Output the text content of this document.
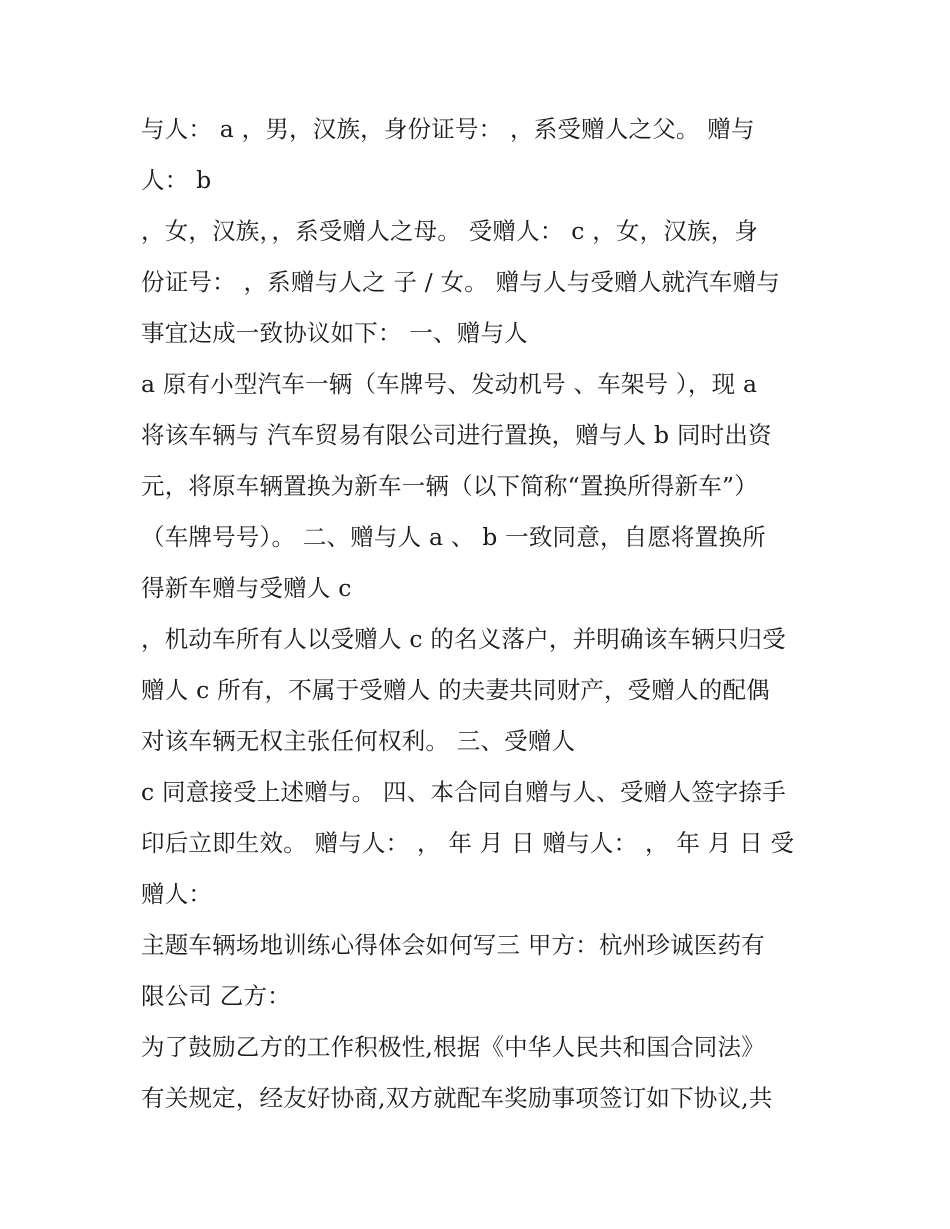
与人： a ，男，汉族，身份证号： ，系受赠人之父。 赠与
人： b
，女，汉族，，系受赠人之母。 受赠人： c ，女，汉族，身
份证号： ，系赠与人之 子 / 女。 赠与人与受赠人就汽车赠与
事宜达成一致协议如下： 一、赠与人
a 原有小型汽车一辆（车牌号、发动机号 、车架号 ），现 a
将该车辆与 汽车贸易有限公司进行置换，赠与人 b 同时出资
元，将原车辆置换为新车一辆（以下简称“置换所得新车”）
（车牌号号）。 二、赠与人 a 、 b 一致同意，自愿将置换所
得新车赠与受赠人 c
，机动车所有人以受赠人 c 的名义落户，并明确该车辆只归受
赠人 c 所有，不属于受赠人 的夫妻共同财产，受赠人的配偶
对该车辆无权主张任何权利。 三、受赠人
c 同意接受上述赠与。 四、本合同自赠与人、受赠人签字捺手
印后立即生效。 赠与人： ， 年 月 日 赠与人： ， 年 月 日 受
赠人：
主题车辆场地训练心得体会如何写三 甲方：杭州珍诚医药有
限公司 乙方：
为了鼓励乙方的工作积极性,根据《中华人民共和国合同法》
有关规定，经友好协商,双方就配车奖励事项签订如下协议,共
